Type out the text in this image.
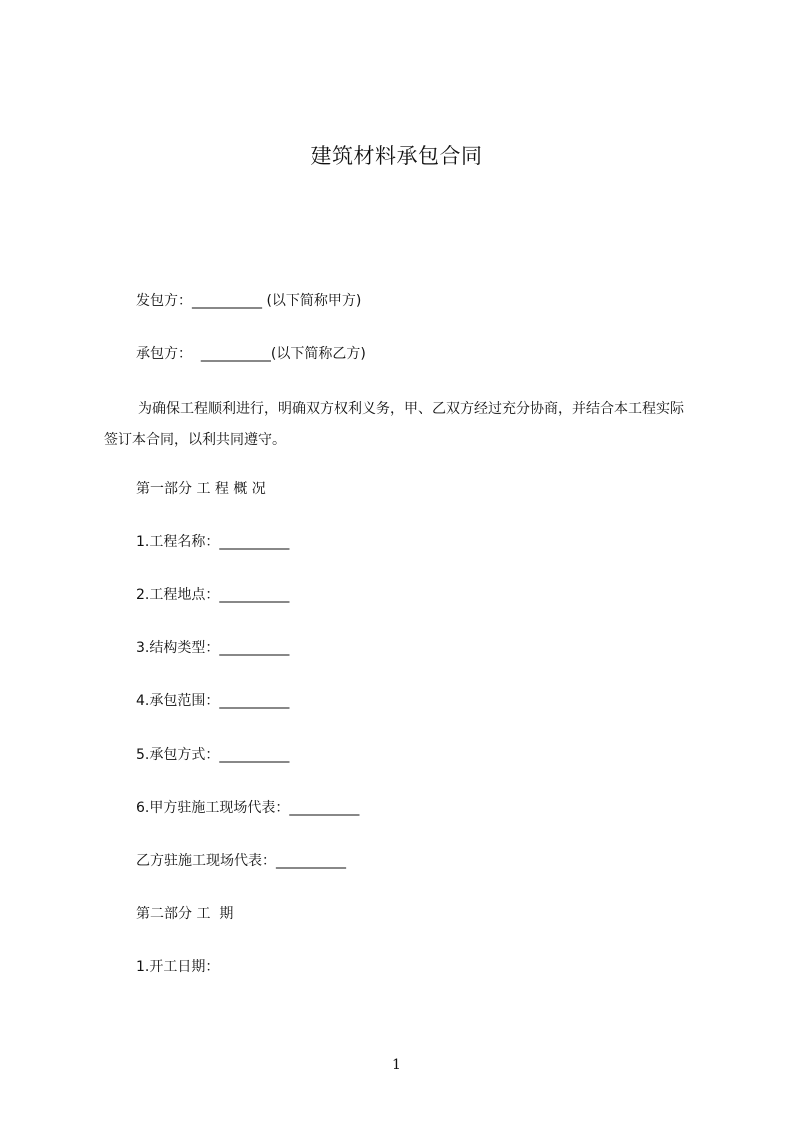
建筑材料承包合同
发包方：__________ (以下简称甲方)
承包方：  __________(以下简称乙方)
为确保工程顺利进行，明确双方权利义务，甲、乙双方经过充分协商，并结合本工程实际签订本合同，以利共同遵守。
第一部分 工 程 概 况
1.工程名称：__________
2.工程地点：__________
3.结构类型：__________
4.承包范围：__________
5.承包方式：__________
6.甲方驻施工现场代表：__________
乙方驻施工现场代表：__________
第二部分 工  期
1.开工日期：
1
